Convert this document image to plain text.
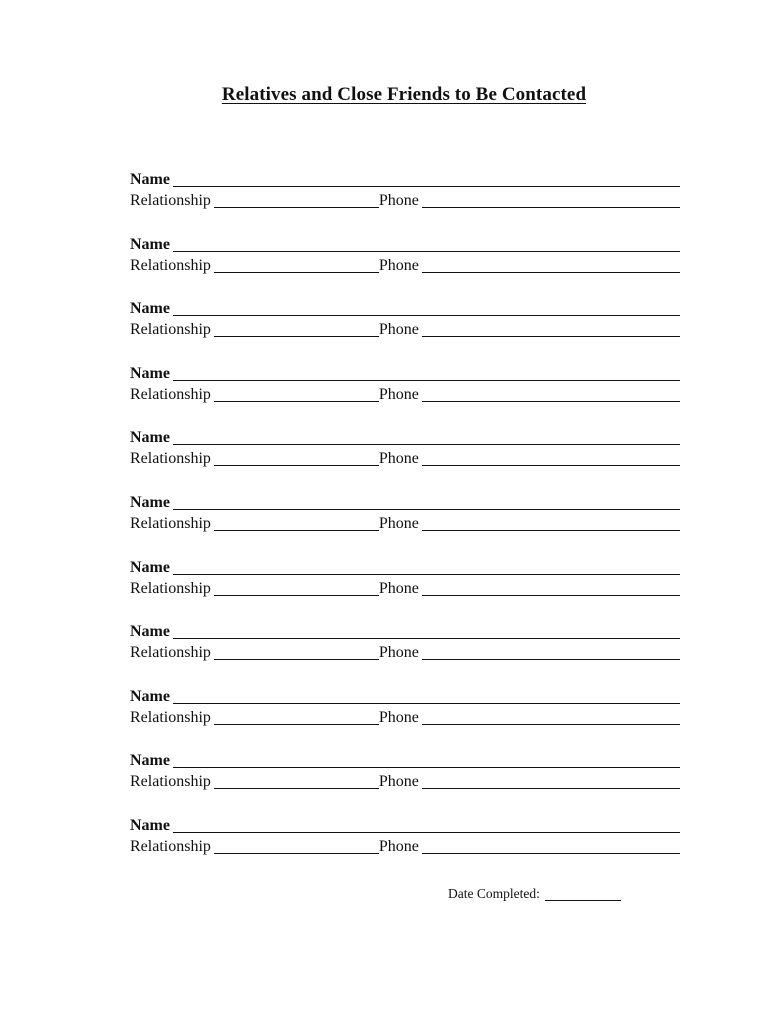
Relatives and Close Friends to Be Contacted
Name
Relationship	Phone
Name
Relationship	Phone
Name
Relationship	Phone
Name
Relationship	Phone
Name
Relationship	Phone
Name
Relationship	Phone
Name
Relationship	Phone
Name
Relationship	Phone
Name
Relationship	Phone
Name
Relationship	Phone
Name
Relationship	Phone
Date Completed:
